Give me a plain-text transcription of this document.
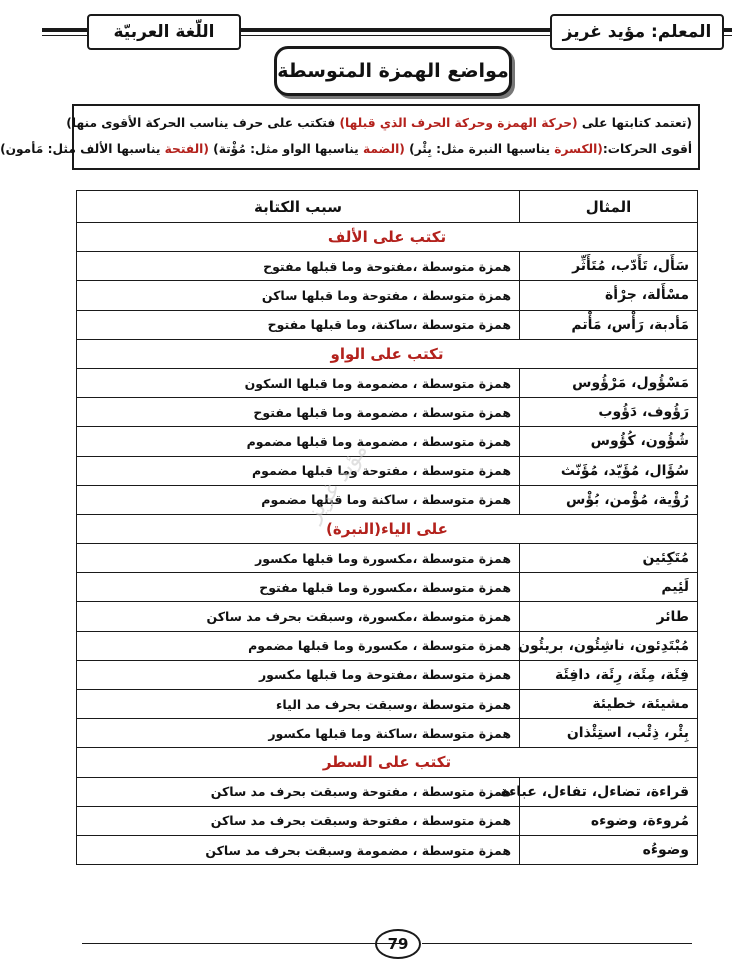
المعلم: مؤيد غريز
اللّغة العربيّة
مواضع الهمزة المتوسطة
(تعتمد كتابتها على (حركة الهمزة وحركة الحرف الذي قبلها) فتكتب على حرف يناسب الحركة الأقوى منها)
أقوى الحركات:(الكسرة يناسبها النبرة مثل: بِئْر) (الضمة يناسبها الواو مثل: مُؤْتة) (الفتحة يناسبها الألف مثل: مَأمون)
المثال	سبب الكتابة
تكتب على الألف	
سَأَل، تَأَدّب، مُتَأَثِّر	همزة متوسطة ،مفتوحة وما قبلها مفتوح
مسْأَلة، جرْأة	همزة متوسطة ، مفتوحة وما قبلها ساكن
مَأدبة، رَأْس، مَأْتم	همزة متوسطة ،ساكنة، وما قبلها مفتوح
تكتب على الواو	
مَسْؤُول، مَرْؤُوس	همزة متوسطة ، مضمومة وما قبلها السكون
رَؤُوف، دَؤُوب	همزة متوسطة ، مضمومة وما قبلها مفتوح
شُؤُون، كُؤُوس	همزة متوسطة ، مضمومة وما قبلها مضموم
سُؤَال، مُؤَيّد، مُؤَنّث	همزة متوسطة ، مفتوحة وما قبلها مضموم
رُؤْية، مُؤْمن، بُؤْس	همزة متوسطة ، ساكنة وما قبلها مضموم
على الياء(النبرة)	
مُتَكِئين	همزة متوسطة ،مكسورة وما قبلها مكسور
لَئِيم	همزة متوسطة ،مكسورة وما قبلها مفتوح
طائر	همزة متوسطة ،مكسورة، وسبقت بحرف مد ساكن
مُبْتَدِئون، ناشِئُون، بريئُون	همزة متوسطة ، مكسورة وما قبلها مضموم
فِئَة، مِئَة، رِئَة، دافِئَة	همزة متوسطة ،مفتوحة وما قبلها مكسور
مشيئة، خطيئة	همزة متوسطة ،وسبقت بحرف مد الياء
بِئْر، ذِئْب، استِئْذان	همزة متوسطة ،ساكنة وما قبلها مكسور
تكتب على السطر	
قراءة، تضاءل، تفاءل، عباءة	همزة متوسطة ، مفتوحة وسبقت بحرف مد ساكن
مُروءة، وضوءه	همزة متوسطة ، مفتوحة وسبقت بحرف مد ساكن
وضوءُه	همزة متوسطة ، مضمومة وسبقت بحرف مد ساكن
مؤيد غريز
79
